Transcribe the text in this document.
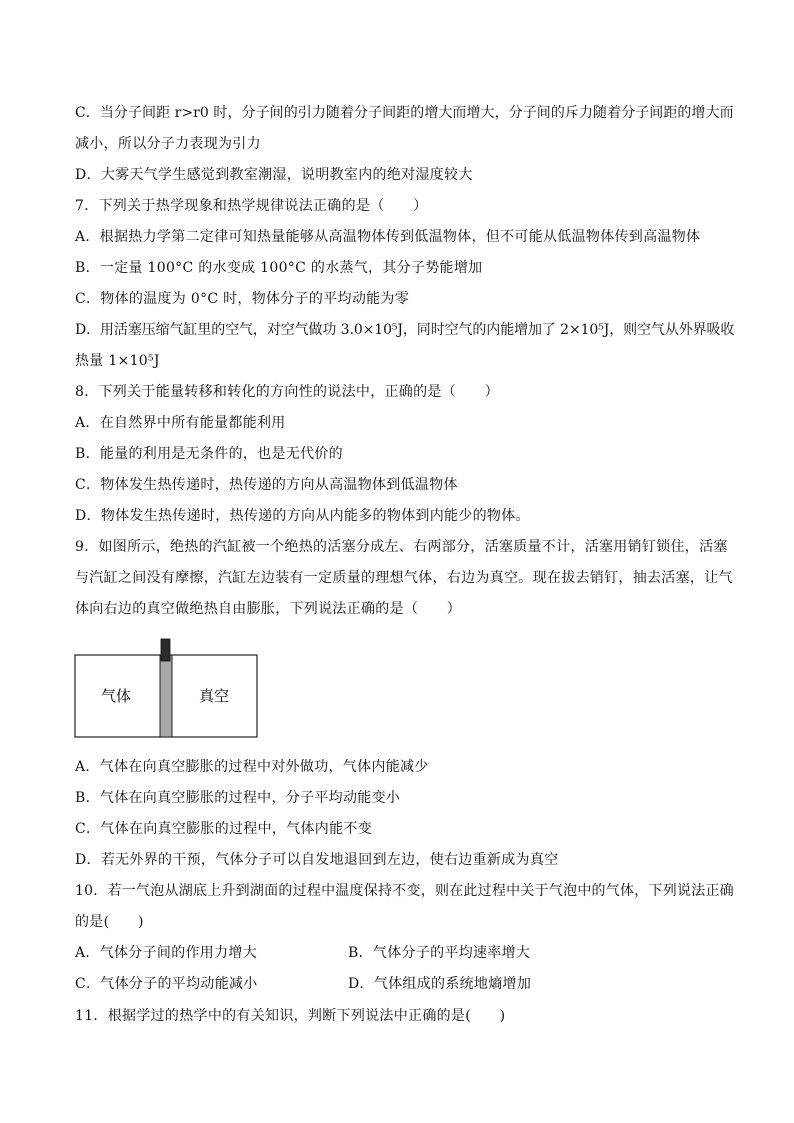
C．当分子间距 r>r0 时，分子间的引力随着分子间距的增大而增大，分子间的斥力随着分子间距的增大而
减小，所以分子力表现为引力
D．大雾天气学生感觉到教室潮湿，说明教室内的绝对湿度较大
7．下列关于热学现象和热学规律说法正确的是（　　）
A．根据热力学第二定律可知热量能够从高温物体传到低温物体，但不可能从低温物体传到高温物体
B．一定量 100°C 的水变成 100°C 的水蒸气，其分子势能增加
C．物体的温度为 0°C 时，物体分子的平均动能为零
D．用活塞压缩气缸里的空气，对空气做功 3.0×10⁵J，同时空气的内能增加了 2×10⁵J，则空气从外界吸收
热量 1×10⁵J
8．下列关于能量转移和转化的方向性的说法中，正确的是（　　）
A．在自然界中所有能量都能利用
B．能量的利用是无条件的，也是无代价的
C．物体发生热传递时，热传递的方向从高温物体到低温物体
D．物体发生热传递时，热传递的方向从内能多的物体到内能少的物体。
9．如图所示，绝热的汽缸被一个绝热的活塞分成左、右两部分，活塞质量不计，活塞用销钉锁住，活塞
与汽缸之间没有摩擦，汽缸左边装有一定质量的理想气体，右边为真空。现在拔去销钉，抽去活塞，让气
体向右边的真空做绝热自由膨胀，下列说法正确的是（　　）
气体	真空
A．气体在向真空膨胀的过程中对外做功，气体内能减少
B．气体在向真空膨胀的过程中，分子平均动能变小
C．气体在向真空膨胀的过程中，气体内能不变
D．若无外界的干预，气体分子可以自发地退回到左边，使右边重新成为真空
10．若一气泡从湖底上升到湖面的过程中温度保持不变，则在此过程中关于气泡中的气体，下列说法正确
的是(　　)
A．气体分子间的作用力增大	B．气体分子的平均速率增大
C．气体分子的平均动能减小	D．气体组成的系统地熵增加
11．根据学过的热学中的有关知识，判断下列说法中正确的是(　　)
